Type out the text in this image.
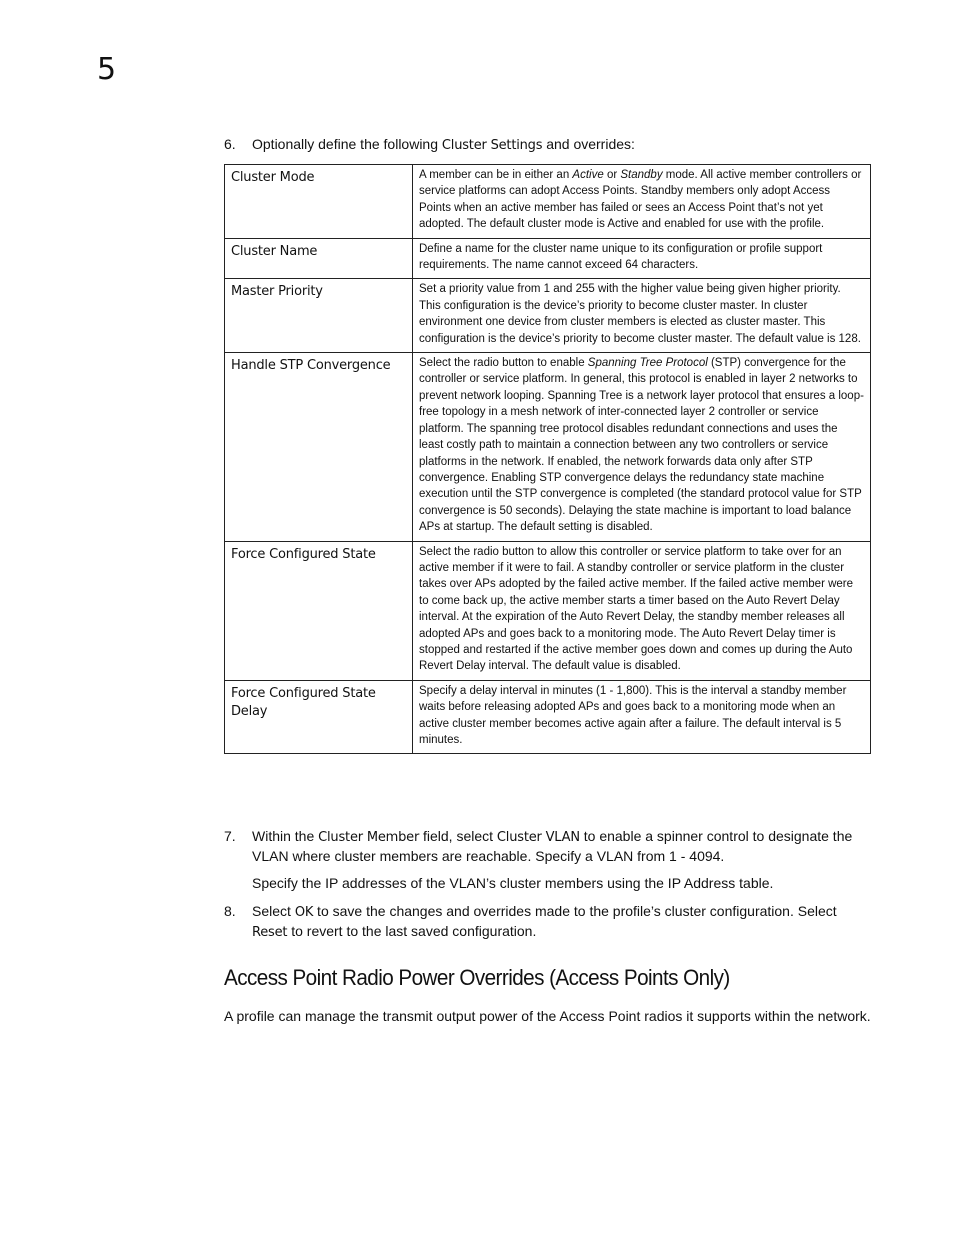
5
6. Optionally define the following Cluster Settings and overrides:
Cluster Mode	A member can be in either an Active or Standby mode. All active member controllers or service platforms can adopt Access Points. Standby members only adopt Access Points when an active member has failed or sees an Access Point that’s not yet adopted. The default cluster mode is Active and enabled for use with the profile.
Cluster Name	Define a name for the cluster name unique to its configuration or profile support requirements. The name cannot exceed 64 characters.
Master Priority	Set a priority value from 1 and 255 with the higher value being given higher priority. This configuration is the device’s priority to become cluster master. In cluster environment one device from cluster members is elected as cluster master. This configuration is the device’s priority to become cluster master. The default value is 128.
Handle STP Convergence	Select the radio button to enable Spanning Tree Protocol (STP) convergence for the controller or service platform. In general, this protocol is enabled in layer 2 networks to prevent network looping. Spanning Tree is a network layer protocol that ensures a loop-free topology in a mesh network of inter-connected layer 2 controller or service platform. The spanning tree protocol disables redundant connections and uses the least costly path to maintain a connection between any two controllers or service platforms in the network. If enabled, the network forwards data only after STP convergence. Enabling STP convergence delays the redundancy state machine execution until the STP convergence is completed (the standard protocol value for STP convergence is 50 seconds). Delaying the state machine is important to load balance APs at startup. The default setting is disabled.
Force Configured State	Select the radio button to allow this controller or service platform to take over for an active member if it were to fail. A standby controller or service platform in the cluster takes over APs adopted by the failed active member. If the failed active member were to come back up, the active member starts a timer based on the Auto Revert Delay interval. At the expiration of the Auto Revert Delay, the standby member releases all adopted APs and goes back to a monitoring mode. The Auto Revert Delay timer is stopped and restarted if the active member goes down and comes up during the Auto Revert Delay interval. The default value is disabled.
Force Configured State Delay	Specify a delay interval in minutes (1 - 1,800). This is the interval a standby member waits before releasing adopted APs and goes back to a monitoring mode when an active cluster member becomes active again after a failure. The default interval is 5 minutes.
7. Within the Cluster Member field, select Cluster VLAN to enable a spinner control to designate the VLAN where cluster members are reachable. Specify a VLAN from 1 - 4094.
Specify the IP addresses of the VLAN’s cluster members using the IP Address table.
8. Select OK to save the changes and overrides made to the profile’s cluster configuration. Select Reset to revert to the last saved configuration.
Access Point Radio Power Overrides (Access Points Only)
A profile can manage the transmit output power of the Access Point radios it supports within the network.
